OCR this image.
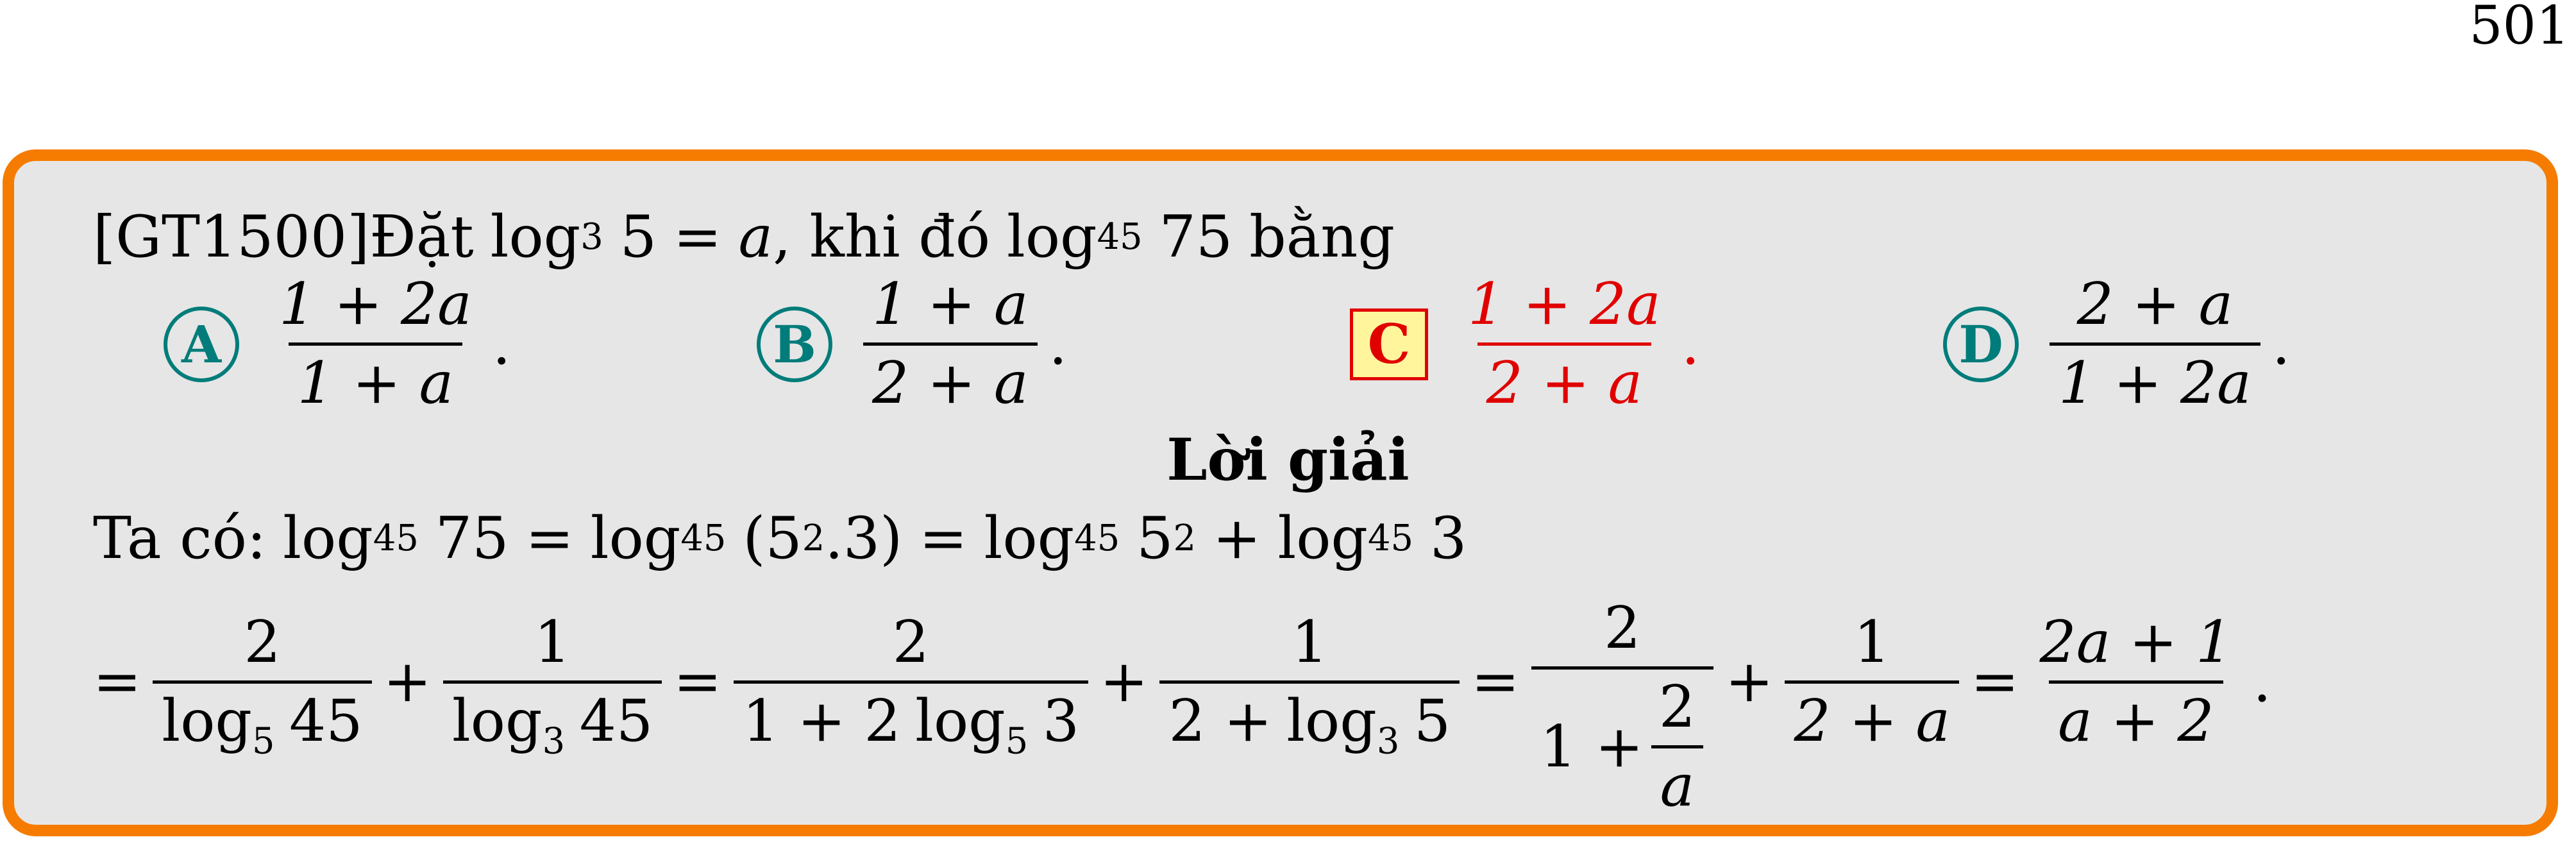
501
[GT1500] Đặt log 3 5 = a , khi đó log 45 75 bằng
A $\frac{1 + 2a}{1 + a}$ .	B $\frac{1 + a}{2 + a}$ .	C $\frac{1 + 2a}{2 + a}$ .	D $\frac{2 + a}{1 + 2a}$ .
Lời giải
Ta có: log 45 75 = log 45 (5 2 .3) = log 45 5 2 + log 45 3
= $\frac{2}{\log_5 45} + \frac{1}{\log_3 45} = \frac{2}{1 + 2 \log_5 3} + \frac{1}{2 + \log_3 5} = \frac{2}{1 + \frac{2}{a}} + \frac{1}{2 + a} = \frac{2a + 1}{a + 2}$ .
